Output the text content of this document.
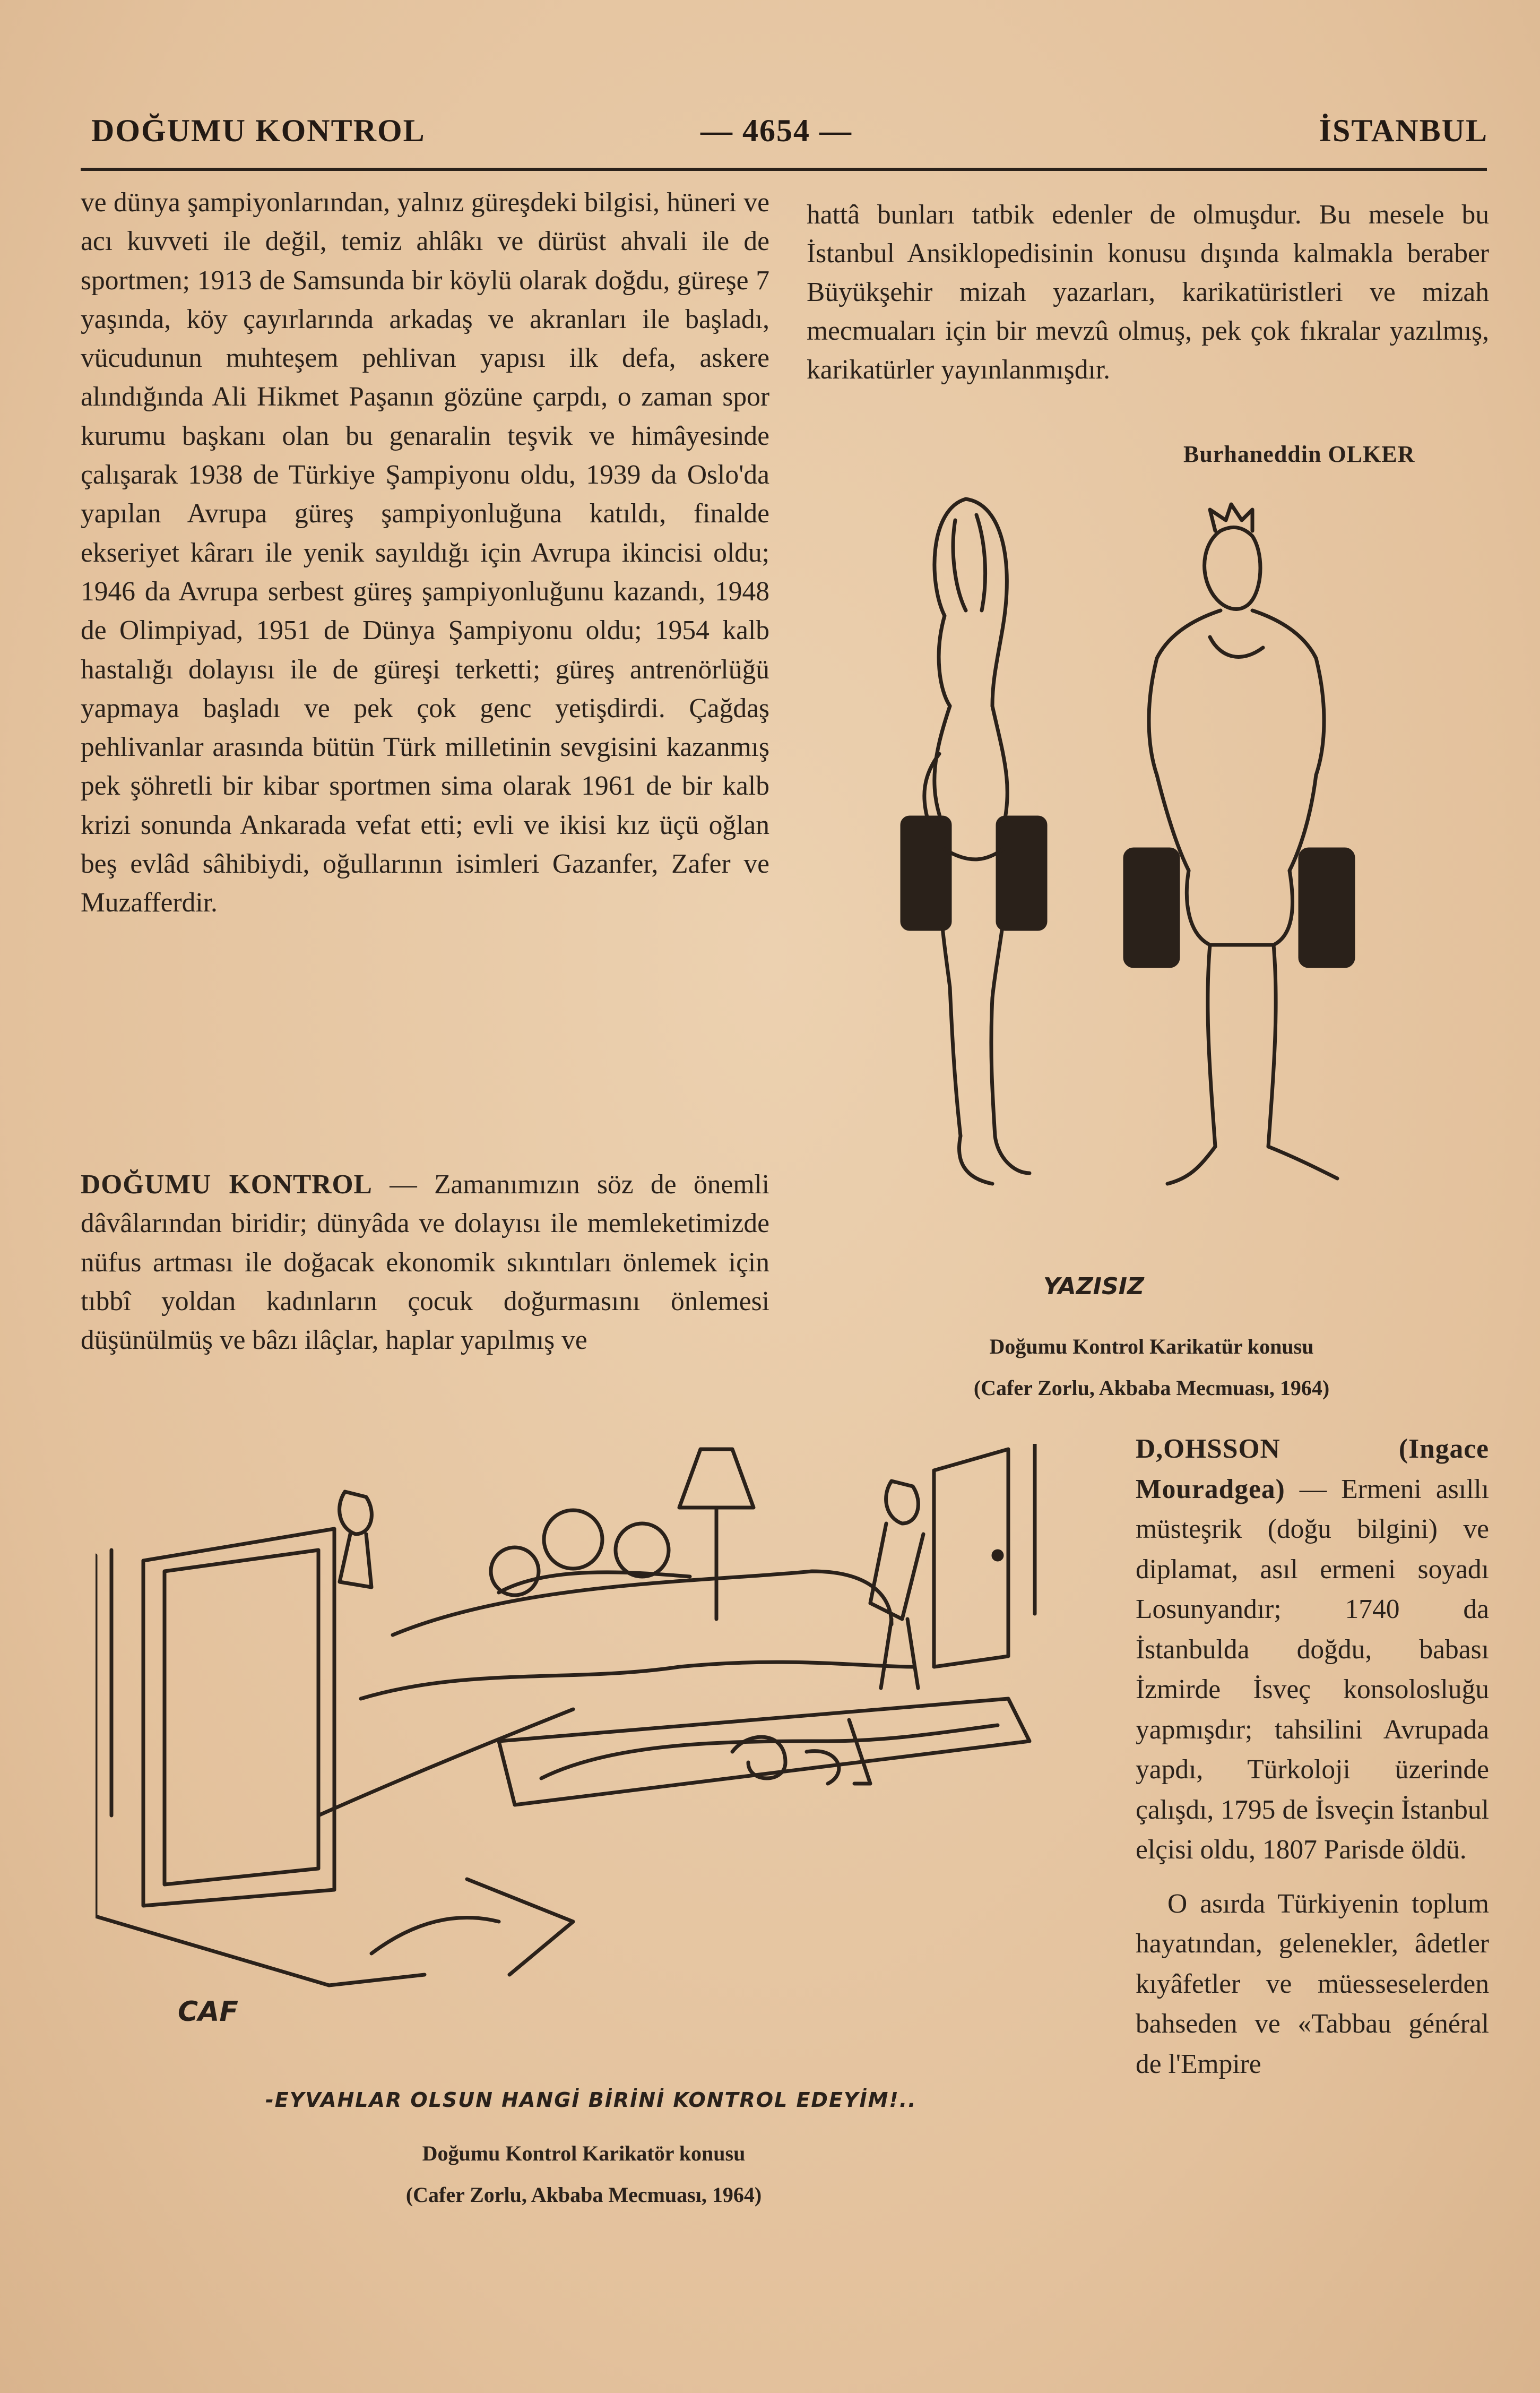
DOĞUMU KONTROL	— 4654 —	İSTANBUL

ve dünya şampiyonlarından, yalnız güreşdeki bilgisi, hüneri ve acı kuvveti ile değil, temiz ahlâkı ve dürüst ahvali ile de sportmen; 1913 de Samsunda bir köylü olarak doğdu, güreşe 7 yaşında, köy çayırlarında arkadaş ve akranları ile başladı, vücudunun muhteşem pehlivan yapısı ilk defa, askere alındığında Ali Hikmet Paşanın gözüne çarpdı, o zaman spor kurumu başkanı olan bu genaralin teşvik ve himâyesinde çalışarak 1938 de Türkiye Şampiyonu oldu, 1939 da Oslo'da yapılan Avrupa güreş şampiyonluğuna katıldı, finalde ekseriyet kârarı ile yenik sayıldığı için Avrupa ikincisi oldu; 1946 da Avrupa serbest güreş şampiyonluğunu kazandı, 1948 de Olimpiyad, 1951 de Dünya Şampiyonu oldu; 1954 kalb hastalığı dolayısı ile de güreşi terketti; güreş antrenörlüğü yapmaya başladı ve pek çok genc yetişdirdi. Çağdaş pehlivanlar arasında bütün Türk milletinin sevgisini kazanmış pek şöhretli bir kibar sportmen sima olarak 1961 de bir kalb krizi sonunda Ankarada vefat etti; evli ve ikisi kız üçü oğlan beş evlâd sâhibiydi, oğullarının isimleri Gazanfer, Zafer ve Muzafferdir.

DOĞUMU KONTROL — Zamanımızın söz de önemli dâvâlarından biridir; dünyâda ve dolayısı ile memleketimizde nüfus artması ile doğacak ekonomik sıkıntıları önlemek için tıbbî yoldan kadınların çocuk doğurmasını önlemesi düşünülmüş ve bâzı ilâçlar, haplar yapılmış ve

hattâ bunları tatbik edenler de olmuşdur. Bu mesele bu İstanbul Ansiklopedisinin konusu dışında kalmakla beraber Büyükşehir mizah yazarları, karikatüristleri ve mizah mecmuaları için bir mevzû olmuş, pek çok fıkralar yazılmış, karikatürler yayınlanmışdır.

Burhaneddin OLKER
YAZISIZ
Doğumu Kontrol Karikatür konusu
(Cafer Zorlu, Akbaba Mecmuası, 1964)
CAF
-EYVAHLAR OLSUN HANGİ BİRİNİ KONTROL EDEYİM!..
Doğumu Kontrol Karikatör konusu
(Cafer Zorlu, Akbaba Mecmuası, 1964)

D,OHSSON (Ingace Mouradgea) — Ermeni asıllı müsteşrik (doğu bilgini) ve diplamat, asıl ermeni soyadı Losunyandır; 1740 da İstanbulda doğdu, babası İzmirde İsveç konsolosluğu yapmışdır; tahsilini Avrupada yapdı, Türkoloji üzerinde çalışdı, 1795 de İsveçin İstanbul elçisi oldu, 1807 Parisde öldü.

O asırda Türkiyenin toplum hayatından, gelenekler, âdetler kıyâfetler ve müesseselerden bahseden ve «Tabbau général de l'Empire
